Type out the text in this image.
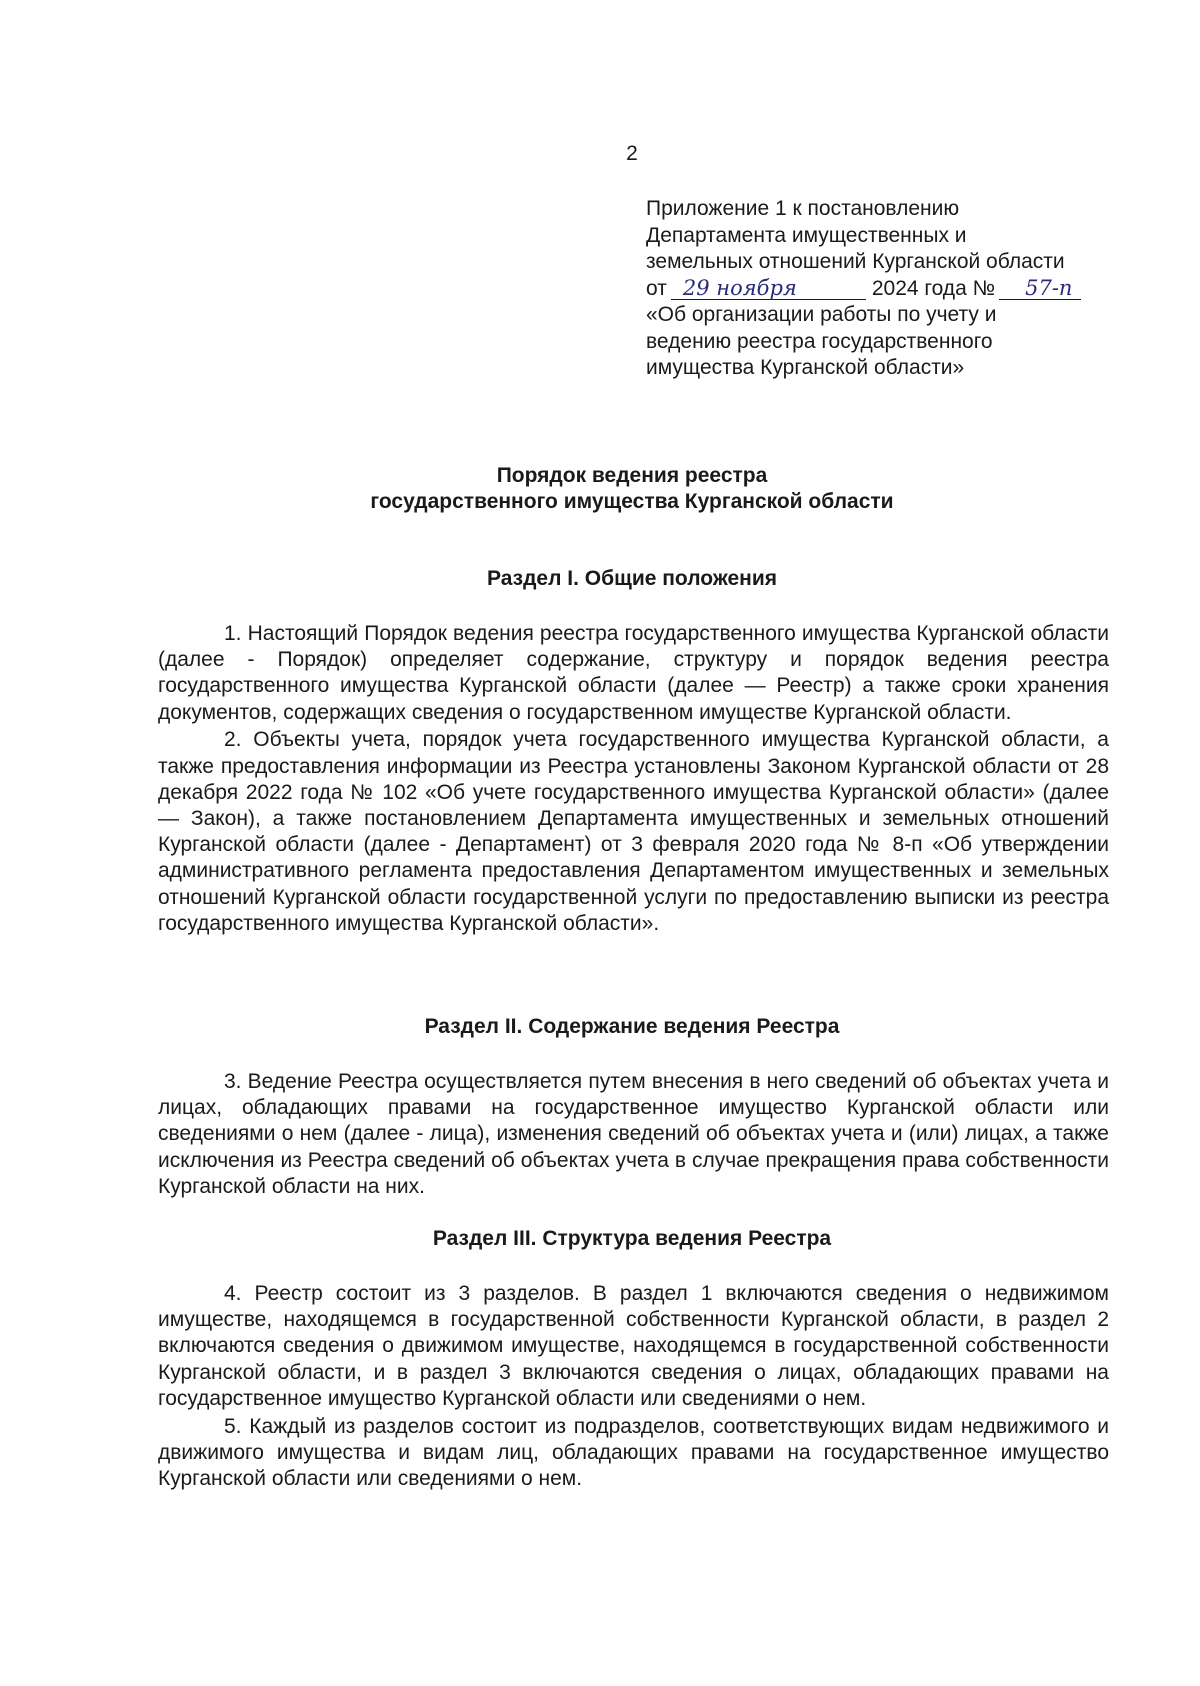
2
Приложение 1 к постановлению
Департамента имущественных и
земельных отношений Курганской области
от 29 ноября	2024 года № 57-п
«Об организации работы по учету и
ведению реестра государственного
имущества Курганской области»
Порядок ведения реестра
государственного имущества Курганской области
Раздел I. Общие положения

1. Настоящий Порядок ведения реестра государственного имущества Курганской области (далее - Порядок) определяет содержание, структуру и порядок ведения реестра государственного имущества Курганской области (далее — Реестр) а также сроки хранения документов, содержащих сведения о государственном имуществе Курганской области.

2. Объекты учета, порядок учета государственного имущества Курганской области, а также предоставления информации из Реестра установлены Законом Курганской области от 28 декабря 2022 года № 102 «Об учете государственного имущества Курганской области» (далее — Закон), а также постановлением Департамента имущественных и земельных отношений Курганской области (далее - Департамент) от 3 февраля 2020 года № 8-п «Об утверждении административного регламента предоставления Департаментом имущественных и земельных отношений Курганской области государственной услуги по предоставлению выписки из реестра государственного имущества Курганской области».

Раздел II. Содержание ведения Реестра

3. Ведение Реестра осуществляется путем внесения в него сведений об объектах учета и лицах, обладающих правами на государственное имущество Курганской области или сведениями о нем (далее - лица), изменения сведений об объектах учета и (или) лицах, а также исключения из Реестра сведений об объектах учета в случае прекращения права собственности Курганской области на них.

Раздел III. Структура ведения Реестра

4. Реестр состоит из 3 разделов. В раздел 1 включаются сведения о недвижимом имуществе, находящемся в государственной собственности Курганской области, в раздел 2 включаются сведения о движимом имуществе, находящемся в государственной собственности Курганской области, и в раздел 3 включаются сведения о лицах, обладающих правами на государственное имущество Курганской области или сведениями о нем.

5. Каждый из разделов состоит из подразделов, соответствующих видам недвижимого и движимого имущества и видам лиц, обладающих правами на государственное имущество Курганской области или сведениями о нем.
